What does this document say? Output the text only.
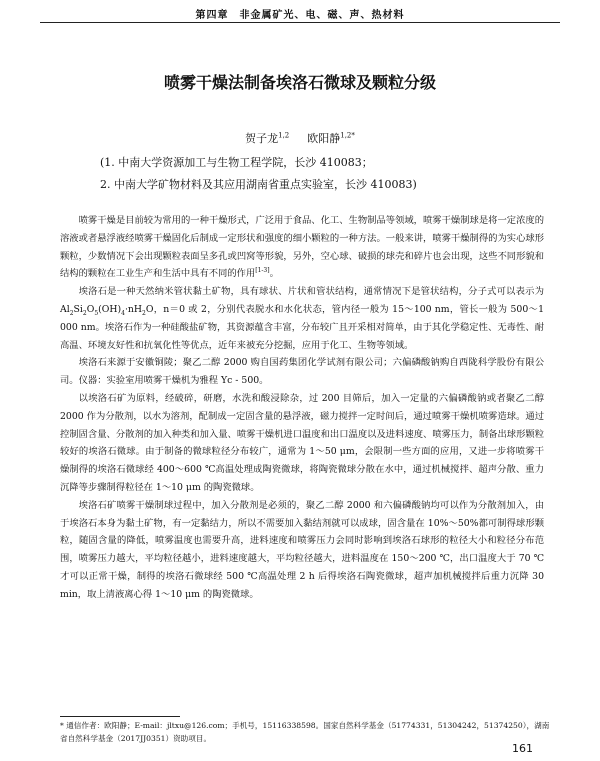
第四章　非金属矿光、电、磁、声、热材料
喷雾干燥法制备埃洛石微球及颗粒分级
贺子龙$^{1,2}$ 　 欧阳静$^{1,2*}$
(1. 中南大学资源加工与生物工程学院，长沙 410083；
2. 中南大学矿物材料及其应用湖南省重点实验室，长沙 410083)

喷雾干燥是目前较为常用的一种干燥形式，广泛用于食品、化工、生物制品等领域，喷雾干燥制球是将一定浓度的溶液或者悬浮液经喷雾干燥固化后制成一定形状和强度的细小颗粒的一种方法。一般来讲，喷雾干燥制得的为实心球形颗粒，少数情况下会出现颗粒表面呈多孔或凹窝等形貌，另外，空心球、破损的球壳和碎片也会出现，这些不同形貌和结构的颗粒在工业生产和生活中具有不同的作用[1-3]。

埃洛石是一种天然纳米管状黏土矿物，具有球状、片状和管状结构，通常情况下是管状结构，分子式可以表示为 $Al_2Si_2O_5(OH)_4\cdot nH_2O$，n＝0 或 2，分别代表脱水和水化状态，管内径一般为 15～100 nm，管长一般为 500～1 000 nm。埃洛石作为一种硅酸盐矿物，其资源蕴含丰富，分布较广且开采相对简单，由于其化学稳定性、无毒性、耐高温、环境友好性和抗氧化性等优点，近年来被充分挖掘，应用于化工、生物等领域。

埃洛石来源于安徽铜陵；聚乙二醇 2000 购自国药集团化学试剂有限公司；六偏磷酸钠购自西陇科学股份有限公司。仪器：实验室用喷雾干燥机为雅程 Yc - 500。

以埃洛石矿为原料，经破碎，研磨，水洗和酸浸除杂，过 200 目筛后，加入一定量的六偏磷酸钠或者聚乙二醇 2000 作为分散剂，以水为溶剂，配制成一定固含量的悬浮液，磁力搅拌一定时间后，通过喷雾干燥机喷雾造球。通过控制固含量、分散剂的加入种类和加入量、喷雾干燥机进口温度和出口温度以及进料速度、喷雾压力，制备出球形颗粒较好的埃洛石微球。由于制备的微球粒径分布较广，通常为 1～50 μm，会限制一些方面的应用，又进一步将喷雾干燥制得的埃洛石微球经 400～600 ℃高温处理成陶瓷微球，将陶瓷微球分散在水中，通过机械搅拌、超声分散、重力沉降等步骤制得粒径在 1～10 μm 的陶瓷微球。

埃洛石矿喷雾干燥制球过程中，加入分散剂是必须的，聚乙二醇 2000 和六偏磷酸钠均可以作为分散剂加入，由于埃洛石本身为黏土矿物，有一定黏结力，所以不需要加入黏结剂就可以成球，固含量在 10%～50%都可制得球形颗粒，随固含量的降低，喷雾温度也需要升高，进料速度和喷雾压力会同时影响到埃洛石球形的粒径大小和粒径分布范围，喷雾压力越大，平均粒径越小，进料速度越大，平均粒径越大，进料温度在 150～200 ℃，出口温度大于 70 ℃才可以正常干燥，制得的埃洛石微球经 500 ℃高温处理 2 h 后得埃洛石陶瓷微球，超声加机械搅拌后重力沉降 30 min，取上清液离心得 1～10 μm 的陶瓷微球。

* 通信作者：欧阳静；E-mail：jltxu@126.com；手机号，15116338598。国家自然科学基金（51774331，51304242，51374250），湖南省自然科学基金（2017JJ0351）资助项目。
161
